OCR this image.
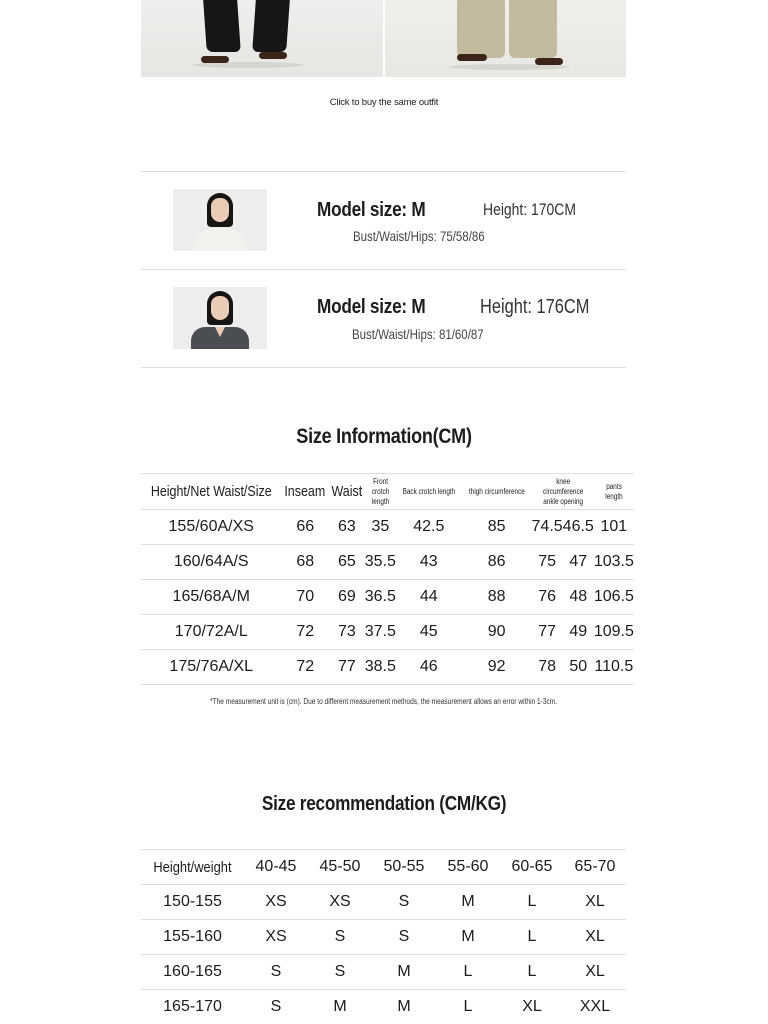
Click to buy the same outfit
Model size: M	Height: 170CM
Bust/Waist/Hips: 75/58/86
Model size: M	Height: 176CM
Bust/Waist/Hips: 81/60/87
Size Information(CM)
Height/Net Waist/Size	Inseam	Waist	Front crotch length	Back crotch length	thigh circumference	knee circumference ankle opening		pants length
155/60A/XS	66	63	35	42.5	85	74.5	46.5	101
160/64A/S	68	65	35.5	43	86	75	47	103.5
165/68A/M	70	69	36.5	44	88	76	48	106.5
170/72A/L	72	73	37.5	45	90	77	49	109.5
175/76A/XL	72	77	38.5	46	92	78	50	110.5
*The measurement unit is (cm). Due to different measurement methods, the measurement allows an error within 1-3cm.
Size recommendation (CM/KG)
Height/weight	40-45	45-50	50-55	55-60	60-65	65-70
150-155	XS	XS	S	M	L	XL
155-160	XS	S	S	M	L	XL
160-165	S	S	M	L	L	XL
165-170	S	M	M	L	XL	XXL
